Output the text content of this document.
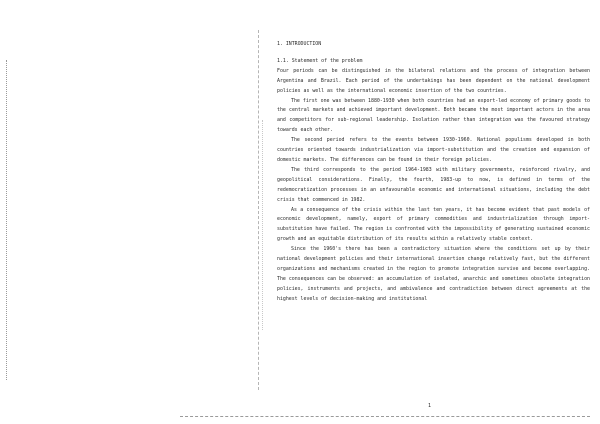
1. INTRODUCTION
1.1. Statement of the problem

Four periods can be distinguished in the bilateral relations and the process of integration between Argentina and Brazil. Each period of the undertakings has been dependent on the national development policies as well as the international economic insertion of the two countries.

The first one was between 1880-1930 when both countries had an export-led economy of primary goods to the central markets and achieved important development. Both became the most important actors in the area and competitors for sub-regional leadership. Isolation rather than integration was the favoured strategy towards each other.

The second period refers to the events between 1930-1960. National populisms developed in both countries oriented towards industrialization via import-substitution and the creation and expansion of domestic markets. The differences can be found in their foreign policies.

The third corresponds to the period 1964-1983 with military governments, reinforced rivalry, and geopolitical considerations. Finally, the fourth, 1983-up to now, is defined in terms of the redemocratization processes in an unfavourable economic and international situations, including the debt crisis that commenced in 1982.

As a consequence of the crisis within the last ten years, it has become evident that past models of economic development, namely, export of primary commodities and industrialization through import-substitution have failed. The region is confronted with the impossibility of generating sustained economic growth and an equitable distribution of its results within a relatively stable context.

Since the 1960's there has been a contradictory situation where the conditions set up by their national development policies and their international insertion change relatively fast, but the different organizations and mechanisms created in the region to promote integration survive and become overlapping. The consequences can be observed: an accumulation of isolated, anarchic and sometimes obsolete integration policies, instruments and projects, and ambivalence and contradiction between direct agreements at the highest levels of decision-making and institutional

1
